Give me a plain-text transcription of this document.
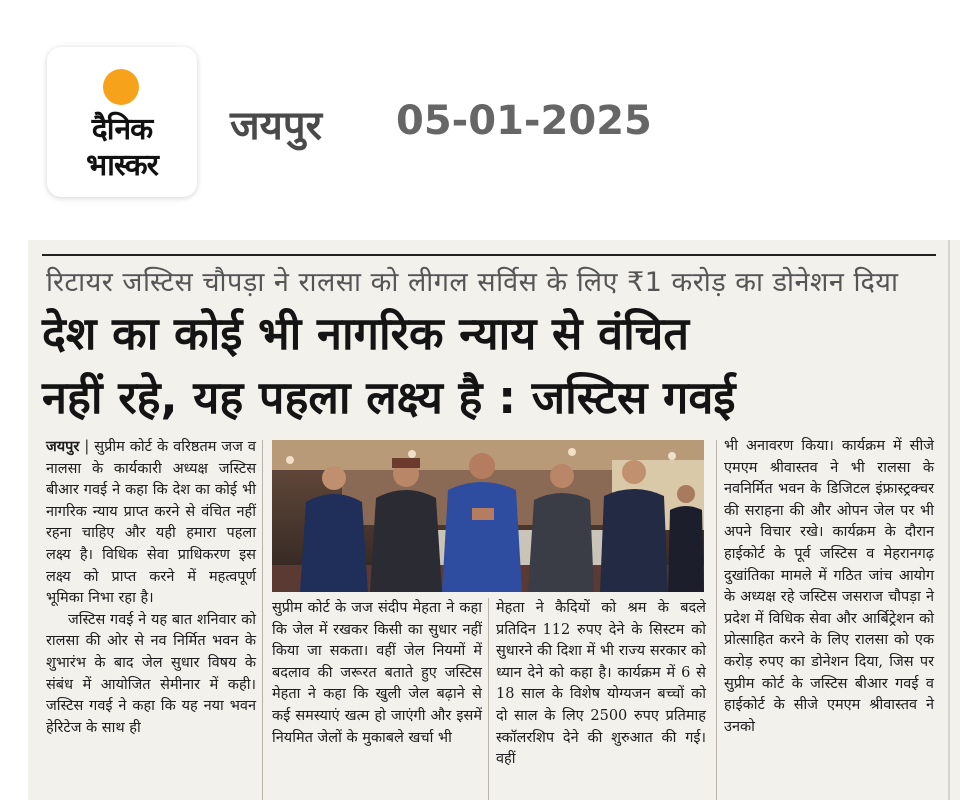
दैनिक
भास्कर
जयपुर 05-01-2025
रिटायर जस्टिस चौपड़ा ने रालसा को लीगल सर्विस के लिए ₹1 करोड़ का डोनेशन दिया
देश का कोई भी नागरिक न्याय से वंचित
नहीं रहे, यह पहला लक्ष्य है : जस्टिस गवई

जयपुर | सुप्रीम कोर्ट के वरिष्ठतम जज व नालसा के कार्यकारी अध्यक्ष जस्टिस बीआर गवई ने कहा कि देश का कोई भी नागरिक न्याय प्राप्त करने से वंचित नहीं रहना चाहिए और यही हमारा पहला लक्ष्य है। विधिक सेवा प्राधिकरण इस लक्ष्य को प्राप्त करने में महत्वपूर्ण भूमिका निभा रहा है।

जस्टिस गवई ने यह बात शनिवार को रालसा की ओर से नव निर्मित भवन के शुभारंभ के बाद जेल सुधार विषय के संबंध में आयोजित सेमीनार में कही। जस्टिस गवई ने कहा कि यह नया भवन हेरिटेज के साथ ही

सुप्रीम कोर्ट के जज संदीप मेहता ने कहा कि जेल में रखकर किसी का सुधार नहीं किया जा सकता। वहीं जेल नियमों में बदलाव की जरूरत बताते हुए जस्टिस मेहता ने कहा कि खुली जेल बढ़ाने से कई समस्याएं खत्म हो जाएंगी और इसमें नियमित जेलों के मुकाबले खर्चा भी

मेहता ने कैदियों को श्रम के बदले प्रतिदिन 112 रुपए देने के सिस्टम को सुधारने की दिशा में भी राज्य सरकार को ध्यान देने को कहा है। कार्यक्रम में 6 से 18 साल के विशेष योग्यजन बच्चों को दो साल के लिए 2500 रुपए प्रतिमाह स्कॉलरशिप देने की शुरुआत की गई। वहीं

भी अनावरण किया। कार्यक्रम में सीजे एमएम श्रीवास्तव ने भी रालसा के नवनिर्मित भवन के डिजिटल इंफ्रास्ट्रक्चर की सराहना की और ओपन जेल पर भी अपने विचार रखे। कार्यक्रम के दौरान हाईकोर्ट के पूर्व जस्टिस व मेहरानगढ़ दुखांतिका मामले में गठित जांच आयोग के अध्यक्ष रहे जस्टिस जसराज चौपड़ा ने प्रदेश में विधिक सेवा और आर्बिट्रेशन को प्रोत्साहित करने के लिए रालसा को एक करोड़ रुपए का डोनेशन दिया, जिस पर सुप्रीम कोर्ट के जस्टिस बीआर गवई व हाईकोर्ट के सीजे एमएम श्रीवास्तव ने उनको
